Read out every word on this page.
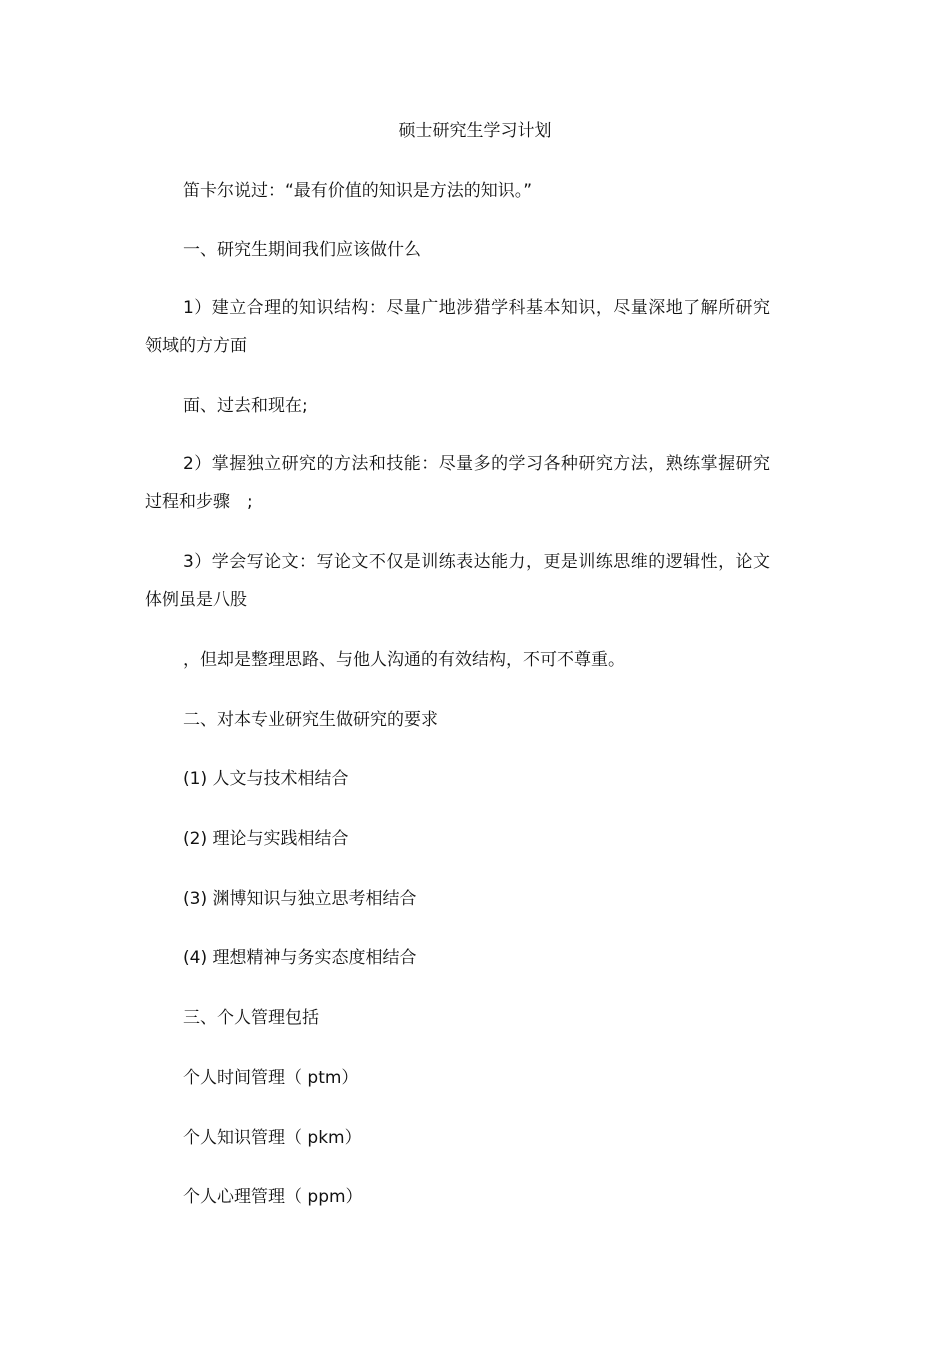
硕士研究生学习计划
笛卡尔说过：“最有价值的知识是方法的知识。”
一、研究生期间我们应该做什么
1）建立合理的知识结构：尽量广地涉猎学科基本知识，尽量深地了解所研究领域的方方面
面、过去和现在;
2）掌握独立研究的方法和技能：尽量多的学习各种研究方法，熟练掌握研究过程和步骤　;
3）学会写论文：写论文不仅是训练表达能力，更是训练思维的逻辑性，论文体例虽是八股
，但却是整理思路、与他人沟通的有效结构，不可不尊重。
二、对本专业研究生做研究的要求
(1) 人文与技术相结合
(2) 理论与实践相结合
(3) 渊博知识与独立思考相结合
(4) 理想精神与务实态度相结合
三、个人管理包括
个人时间管理（ ptm）
个人知识管理（ pkm）
个人心理管理（ ppm）
